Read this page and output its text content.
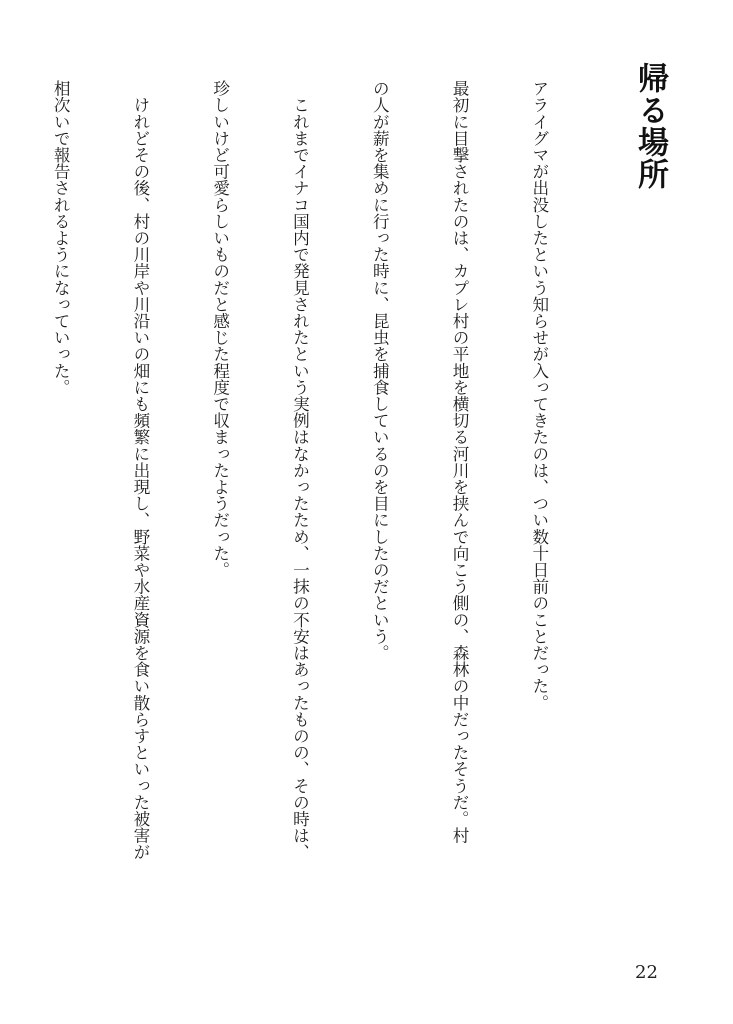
帰る場所

アライグマが出没したという知らせが入ってきたのは、つい数十日前のことだった。

最初に目撃されたのは、カプレ村の平地を横切る河川を挟んで向こう側の、森林の中だったそうだ。村

の人が薪を集めに行った時に、昆虫を捕食しているのを目にしたのだという。

　これまでイナコ国内で発見されたという実例はなかったため、一抹の不安はあったものの、その時は、

珍しいけど可愛らしいものだと感じた程度で収まったようだった。

　けれどその後、村の川岸や川沿いの畑にも頻繁に出現し、野菜や水産資源を食い散らすといった被害が

相次いで報告されるようになっていった。

22
